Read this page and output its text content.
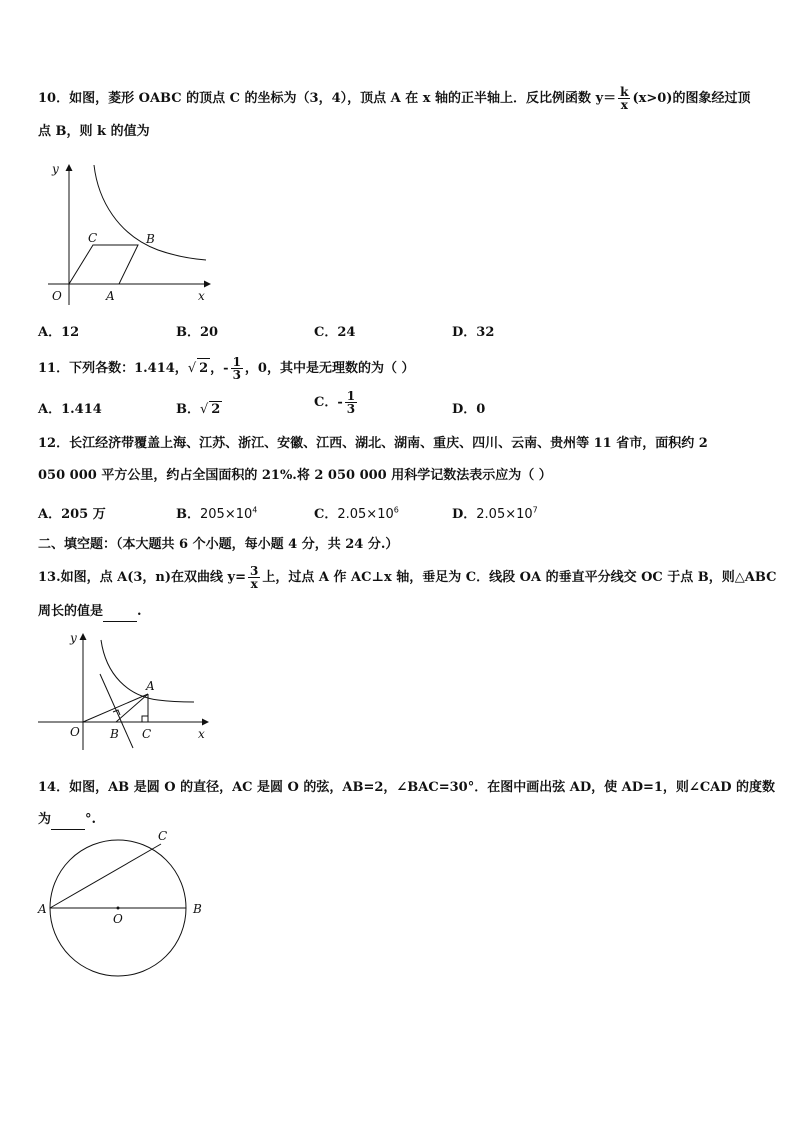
10．如图，菱形 OABC 的顶点 C 的坐标为（3，4），顶点 A 在 x 轴的正半轴上．反比例函数 $y= \frac{k}{x} (x>0)$的图象经过顶
点 B，则 k 的值为
y
x
O	A
B
C
A．12	B．20	C．24	D．32
11．下列各数：1.414，√ 2 ，- $\frac{1}{3}$ ，0，其中是无理数的为（ ）
A．1.414	B．√ 2	C．- $\frac{1}{3}$	D．0
12．长江经济带覆盖上海、江苏、浙江、安徽、江西、湖北、湖南、重庆、四川、云南、贵州等 11 省市，面积约 2
050 000 平方公里，约占全国面积的 21%.将 2 050 000 用科学记数法表示应为（ ）
A．205 万	B．$205\times 10^4$	C．$2.05\times 10^6$	D．$2.05\times 10^7$
二、填空题：（本大题共 6 个小题，每小题 4 分，共 24 分.）
13.如图，点 A(3，n)在双曲线 $y= \frac{3}{x}$ 上，过点 A 作 AC⊥x 轴，垂足为 C．线段 OA 的垂直平分线交 OC 于点 B，则△ABC
周长的值是	.
y
x
O
A
B C
14．如图，AB 是圆 O 的直径，AC 是圆 O 的弦，AB=2，∠BAC=30°．在图中画出弦 AD，使 AD=1，则∠CAD 的度数
为	°.
A	B
C
O
